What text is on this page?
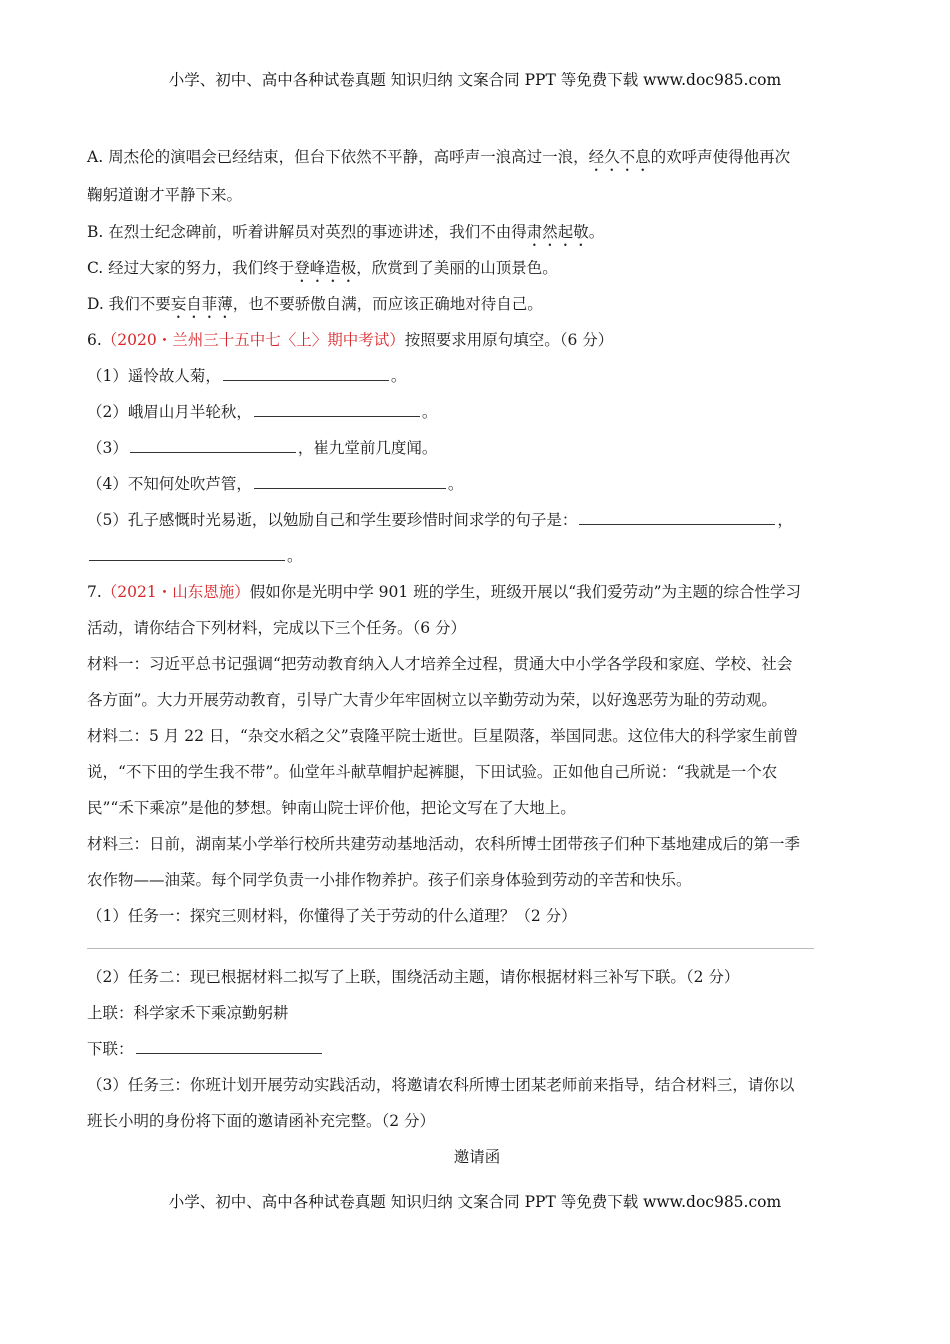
小学、初中、高中各种试卷真题 知识归纳 文案合同 PPT 等免费下载 www.doc985.com
A. 周杰伦的演唱会已经结束，但台下依然不平静，高呼声一浪高过一浪，经久不息的欢呼声使得他再次
鞠躬道谢才平静下来。
B. 在烈士纪念碑前，听着讲解员对英烈的事迹讲述，我们不由得肃然起敬。
C. 经过大家的努力，我们终于登峰造极，欣赏到了美丽的山顶景色。
D. 我们不要妄自菲薄，也不要骄傲自满，而应该正确地对待自己。
6.（2020・兰州三十五中七〈上〉期中考试）按照要求用原句填空。（6 分）
（1）遥怜故人菊，	。
（2）峨眉山月半轮秋，	。
（3）	，崔九堂前几度闻。
（4）不知何处吹芦管，	。
（5）孔子感慨时光易逝，以勉励自己和学生要珍惜时间求学的句子是：	，
。
7.（2021・山东恩施）假如你是光明中学 901 班的学生，班级开展以“我们爱劳动”为主题的综合性学习
活动，请你结合下列材料，完成以下三个任务。（6 分）
材料一：习近平总书记强调“把劳动教育纳入人才培养全过程，贯通大中小学各学段和家庭、学校、社会
各方面”。大力开展劳动教育，引导广大青少年牢固树立以辛勤劳动为荣，以好逸恶劳为耻的劳动观。
材料二：5 月 22 日，“杂交水稻之父”袁隆平院士逝世。巨星陨落，举国同悲。这位伟大的科学家生前曾
说，“不下田的学生我不带”。仙堂年斗献草帽护起裤腿，下田试验。正如他自己所说：“我就是一个农
民”“禾下乘凉”是他的梦想。钟南山院士评价他，把论文写在了大地上。
材料三：日前，湖南某小学举行校所共建劳动基地活动，农科所博士团带孩子们种下基地建成后的第一季
农作物——油菜。每个同学负责一小排作物养护。孩子们亲身体验到劳动的辛苦和快乐。
（1）任务一：探究三则材料，你懂得了关于劳动的什么道理？（2 分）
（2）任务二：现已根据材料二拟写了上联，围绕活动主题，请你根据材料三补写下联。（2 分）
上联：科学家禾下乘凉勤躬耕
下联：
（3）任务三：你班计划开展劳动实践活动，将邀请农科所博士团某老师前来指导，结合材料三，请你以
班长小明的身份将下面的邀请函补充完整。（2 分）
邀请函
小学、初中、高中各种试卷真题 知识归纳 文案合同 PPT 等免费下载 www.doc985.com
